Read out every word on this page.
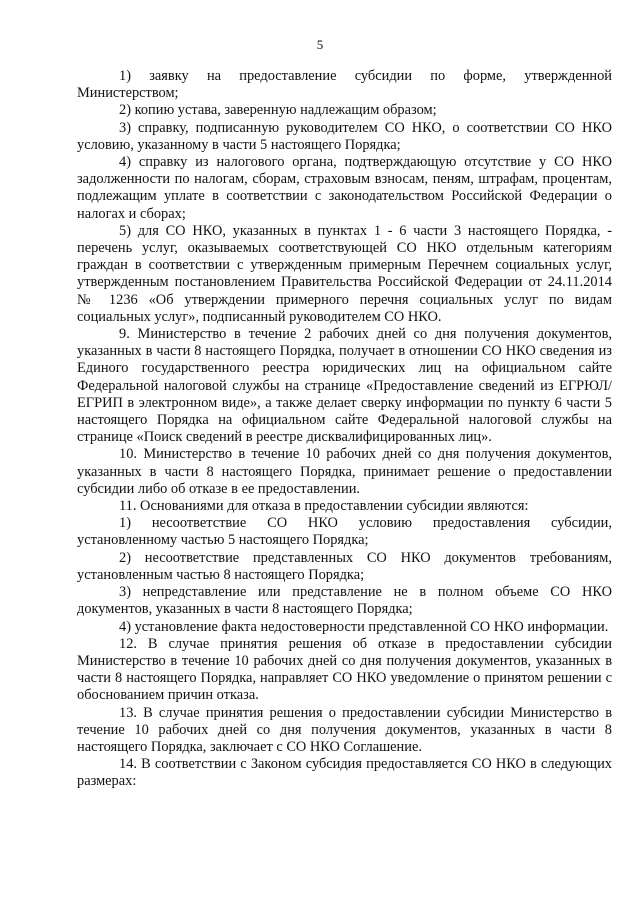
5

1) заявку на предоставление субсидии по форме, утвержденной Министерством;

2) копию устава, заверенную надлежащим образом;

3) справку, подписанную руководителем СО НКО, о соответствии СО НКО условию, указанному в части 5 настоящего Порядка;

4) справку из налогового органа, подтверждающую отсутствие у СО НКО задолженности по налогам, сборам, страховым взносам, пеням, штрафам, процентам, подлежащим уплате в соответствии с законодательством Российской Федерации о налогах и сборах;

5) для СО НКО, указанных в пунктах 1 - 6 части 3 настоящего Порядка, - перечень услуг, оказываемых соответствующей СО НКО отдельным категориям граждан в соответствии с утвержденным примерным Перечнем социальных услуг, утвержденным постановлением Правительства Российской Федерации от 24.11.2014 № 1236 «Об утверждении примерного перечня социальных услуг по видам социальных услуг», подписанный руководителем СО НКО.

9. Министерство в течение 2 рабочих дней со дня получения документов, указанных в части 8 настоящего Порядка, получает в отношении СО НКО сведения из Единого государственного реестра юридических лиц на официальном сайте Федеральной налоговой службы на странице «Предоставление сведений из ЕГРЮЛ/ЕГРИП в электронном виде», а также делает сверку информации по пункту 6 части 5 настоящего Порядка на официальном сайте Федеральной налоговой службы на странице «Поиск сведений в реестре дисквалифицированных лиц».

10. Министерство в течение 10 рабочих дней со дня получения документов, указанных в части 8 настоящего Порядка, принимает решение о предоставлении субсидии либо об отказе в ее предоставлении.

11. Основаниями для отказа в предоставлении субсидии являются:

1) несоответствие СО НКО условию предоставления субсидии, установленному частью 5 настоящего Порядка;

2) несоответствие представленных СО НКО документов требованиям, установленным частью 8 настоящего Порядка;

3) непредставление или представление не в полном объеме СО НКО документов, указанных в части 8 настоящего Порядка;

4) установление факта недостоверности представленной СО НКО информации.

12. В случае принятия решения об отказе в предоставлении субсидии Министерство в течение 10 рабочих дней со дня получения документов, указанных в части 8 настоящего Порядка, направляет СО НКО уведомление о принятом решении с обоснованием причин отказа.

13. В случае принятия решения о предоставлении субсидии Министерство в течение 10 рабочих дней со дня получения документов, указанных в части 8 настоящего Порядка, заключает с СО НКО Соглашение.

14. В соответствии с Законом субсидия предоставляется СО НКО в следующих размерах:
